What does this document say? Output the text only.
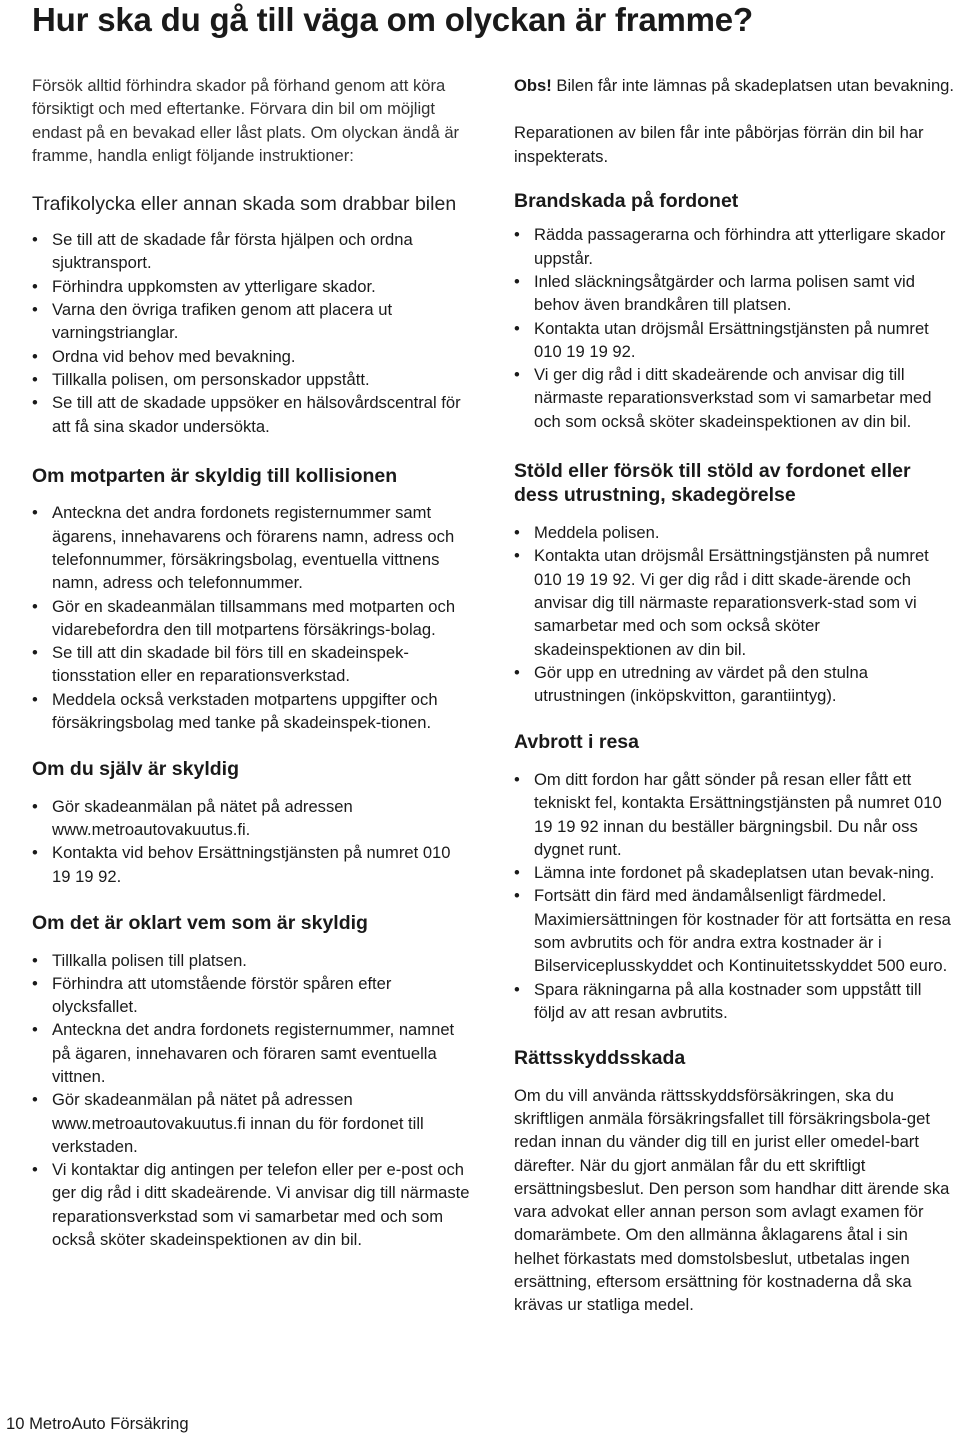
Hur ska du gå till väga om olyckan är framme?

Försök alltid förhindra skador på förhand genom att köra försiktigt och med eftertanke. Förvara din bil om möjligt endast på en bevakad eller låst plats. Om olyckan ändå är framme, handla enligt följande instruktioner:

Trafikolycka eller annan skada som drabbar bilen
• Se till att de skadade får första hjälpen och ordna sjuktransport.
• Förhindra uppkomsten av ytterligare skador.
• Varna den övriga trafiken genom att placera ut varningstrianglar.
• Ordna vid behov med bevakning.
• Tillkalla polisen, om personskador uppstått.
• Se till att de skadade uppsöker en hälsovårdscentral för att få sina skador undersökta.
Om motparten är skyldig till kollisionen
• Anteckna det andra fordonets registernummer samt ägarens, innehavarens och förarens namn, adress och telefonnummer, försäkringsbolag, eventuella vittnens namn, adress och telefonnummer.
• Gör en skadeanmälan tillsammans med motparten och vidarebefordra den till motpartens försäkrings-bolag.
• Se till att din skadade bil förs till en skadeinspek-tionsstation eller en reparationsverkstad.
• Meddela också verkstaden motpartens uppgifter och försäkringsbolag med tanke på skadeinspek-tionen.
Om du själv är skyldig
• Gör skadeanmälan på nätet på adressen www.metroautovakuutus.fi.
• Kontakta vid behov Ersättningstjänsten på numret 010 19 19 92.
Om det är oklart vem som är skyldig
• Tillkalla polisen till platsen.
• Förhindra att utomstående förstör spåren efter olycksfallet.
• Anteckna det andra fordonets registernummer, namnet på ägaren, innehavaren och föraren samt eventuella vittnen.
• Gör skadeanmälan på nätet på adressen www.metroautovakuutus.fi innan du för fordonet till verkstaden.
• Vi kontaktar dig antingen per telefon eller per e-post och ger dig råd i ditt skadeärende. Vi anvisar dig till närmaste reparationsverkstad som vi samarbetar med och som också sköter skadeinspektionen av din bil.

Obs! Bilen får inte lämnas på skadeplatsen utan bevakning.

Reparationen av bilen får inte påbörjas förrän din bil har inspekterats.

Brandskada på fordonet
• Rädda passagerarna och förhindra att ytterligare skador uppstår.
• Inled släckningsåtgärder och larma polisen samt vid behov även brandkåren till platsen.
• Kontakta utan dröjsmål Ersättningstjänsten på numret 010 19 19 92.
• Vi ger dig råd i ditt skadeärende och anvisar dig till närmaste reparationsverkstad som vi samarbetar med och som också sköter skadeinspektionen av din bil.
Stöld eller försök till stöld av fordonet eller dess utrustning, skadegörelse
• Meddela polisen.
• Kontakta utan dröjsmål Ersättningstjänsten på numret 010 19 19 92. Vi ger dig råd i ditt skade-ärende och anvisar dig till närmaste reparationsverk-stad som vi samarbetar med och som också sköter skadeinspektionen av din bil.
• Gör upp en utredning av värdet på den stulna utrustningen (inköpskvitton, garantiintyg).
Avbrott i resa
• Om ditt fordon har gått sönder på resan eller fått ett tekniskt fel, kontakta Ersättningstjänsten på numret 010 19 19 92 innan du beställer bärgningsbil. Du når oss dygnet runt.
• Lämna inte fordonet på skadeplatsen utan bevak-ning.
• Fortsätt din färd med ändamålsenligt färdmedel. Maximiersättningen för kostnader för att fortsätta en resa som avbrutits och för andra extra kostnader är i Bilserviceplusskyddet och Kontinuitetsskyddet 500 euro.
• Spara räkningarna på alla kostnader som uppstått till följd av att resan avbrutits.
Rättsskyddsskada

Om du vill använda rättsskyddsförsäkringen, ska du skriftligen anmäla försäkringsfallet till försäkringsbola-get redan innan du vänder dig till en jurist eller omedel-bart därefter. När du gjort anmälan får du ett skriftligt ersättningsbeslut. Den person som handhar ditt ärende ska vara advokat eller annan person som avlagt examen för domarämbete. Om den allmänna åklagarens åtal i sin helhet förkastats med domstolsbeslut, utbetalas ingen ersättning, eftersom ersättning för kostnaderna då ska krävas ur statliga medel.

10 MetroAuto Försäkring
